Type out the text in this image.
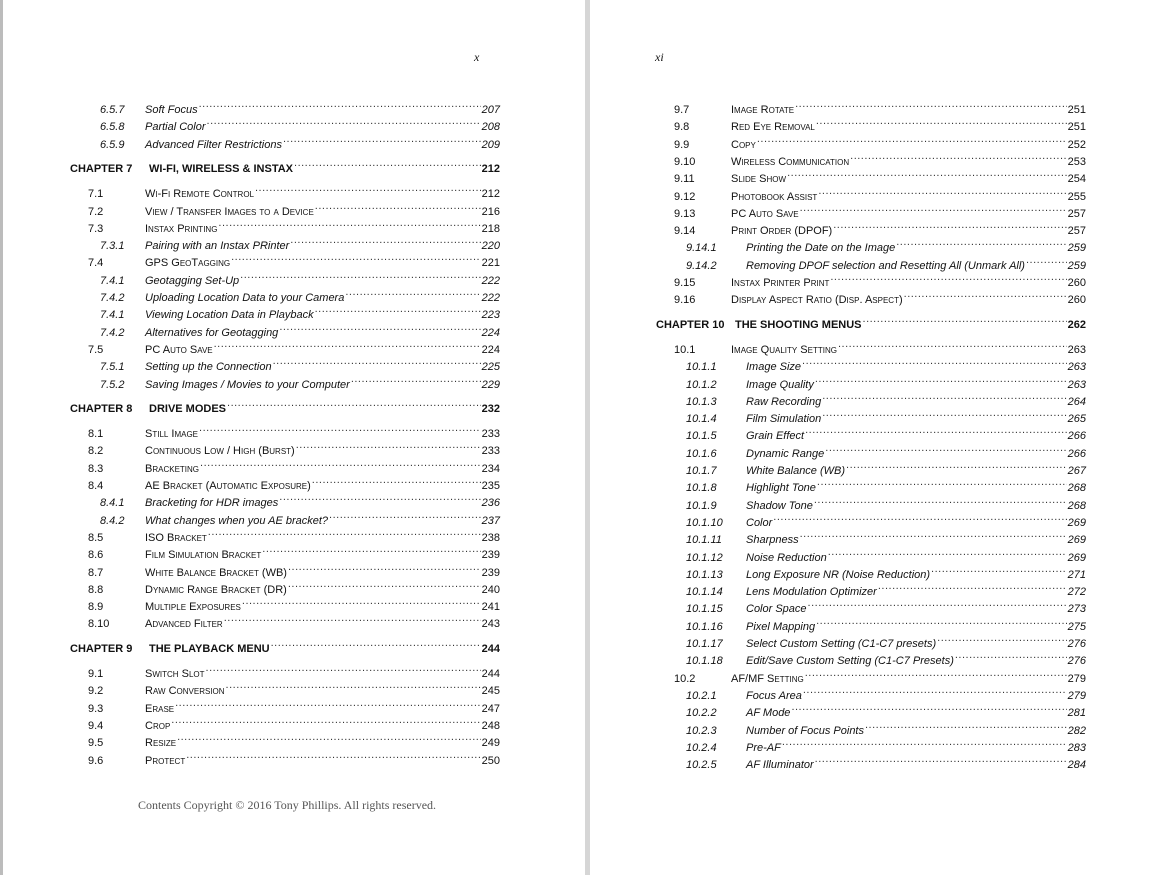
x
6.5.7	Soft Focus .....	207
6.5.8	Partial Color .....	208
6.5.9	Advanced Filter Restrictions .....	209
CHAPTER 7	WI-FI, WIRELESS & INSTAX .....	212
7.1	Wi-Fi Remote Control .....	212
7.2	View / Transfer Images to a Device .....	216
7.3	Instax Printing .....	218
7.3.1	Pairing with an Instax PRinter .....	220
7.4	GPS GeoTagging .....	221
7.4.1	Geotagging Set-Up .....	222
7.4.2	Uploading Location Data to your Camera .....	222
7.4.1	Viewing Location Data in Playback .....	223
7.4.2	Alternatives for Geotagging .....	224
7.5	PC Auto Save .....	224
7.5.1	Setting up the Connection .....	225
7.5.2	Saving Images / Movies to your Computer .....	229
CHAPTER 8	DRIVE MODES .....	232
8.1	Still Image .....	233
8.2	Continuous Low / High (Burst) .....	233
8.3	Bracketing .....	234
8.4	AE Bracket (Automatic Exposure) .....	235
8.4.1	Bracketing for HDR images .....	236
8.4.2	What changes when you AE bracket? .....	237
8.5	ISO Bracket .....	238
8.6	Film Simulation Bracket .....	239
8.7	White Balance Bracket (WB) .....	239
8.8	Dynamic Range Bracket (DR) .....	240
8.9	Multiple Exposures .....	241
8.10	Advanced Filter .....	243
CHAPTER 9	THE PLAYBACK MENU .....	244
9.1	Switch Slot .....	244
9.2	Raw Conversion .....	245
9.3	Erase .....	247
9.4	Crop .....	248
9.5	Resize .....	249
9.6	Protect .....	250
Contents Copyright © 2016 Tony Phillips. All rights reserved.
xi
9.7	Image Rotate .....	251
9.8	Red Eye Removal .....	251
9.9	Copy .....	252
9.10	Wireless Communication .....	253
9.11	Slide Show .....	254
9.12	Photobook Assist .....	255
9.13	PC Auto Save .....	257
9.14	Print Order (DPOF) .....	257
9.14.1	Printing the Date on the Image .....	259
9.14.2	Removing DPOF selection and Resetting All (Unmark All) .....	259
9.15	Instax Printer Print .....	260
9.16	Display Aspect Ratio (Disp. Aspect) .....	260
CHAPTER 10 THE SHOOTING MENUS .....	262
10.1	Image Quality Setting .....	263
10.1.1	Image Size .....	263
10.1.2	Image Quality .....	263
10.1.3	Raw Recording .....	264
10.1.4	Film Simulation .....	265
10.1.5	Grain Effect .....	266
10.1.6	Dynamic Range .....	266
10.1.7	White Balance (WB) .....	267
10.1.8	Highlight Tone .....	268
10.1.9	Shadow Tone .....	268
10.1.10	Color .....	269
10.1.11	Sharpness .....	269
10.1.12	Noise Reduction .....	269
10.1.13	Long Exposure NR (Noise Reduction) .....	271
10.1.14	Lens Modulation Optimizer .....	272
10.1.15	Color Space .....	273
10.1.16	Pixel Mapping .....	275
10.1.17	Select Custom Setting (C1-C7 presets) .....	276
10.1.18	Edit/Save Custom Setting (C1-C7 Presets) .....	276
10.2	AF/MF Setting .....	279
10.2.1	Focus Area .....	279
10.2.2	AF Mode .....	281
10.2.3	Number of Focus Points .....	282
10.2.4	Pre-AF .....	283
10.2.5	AF Illuminator .....	284
